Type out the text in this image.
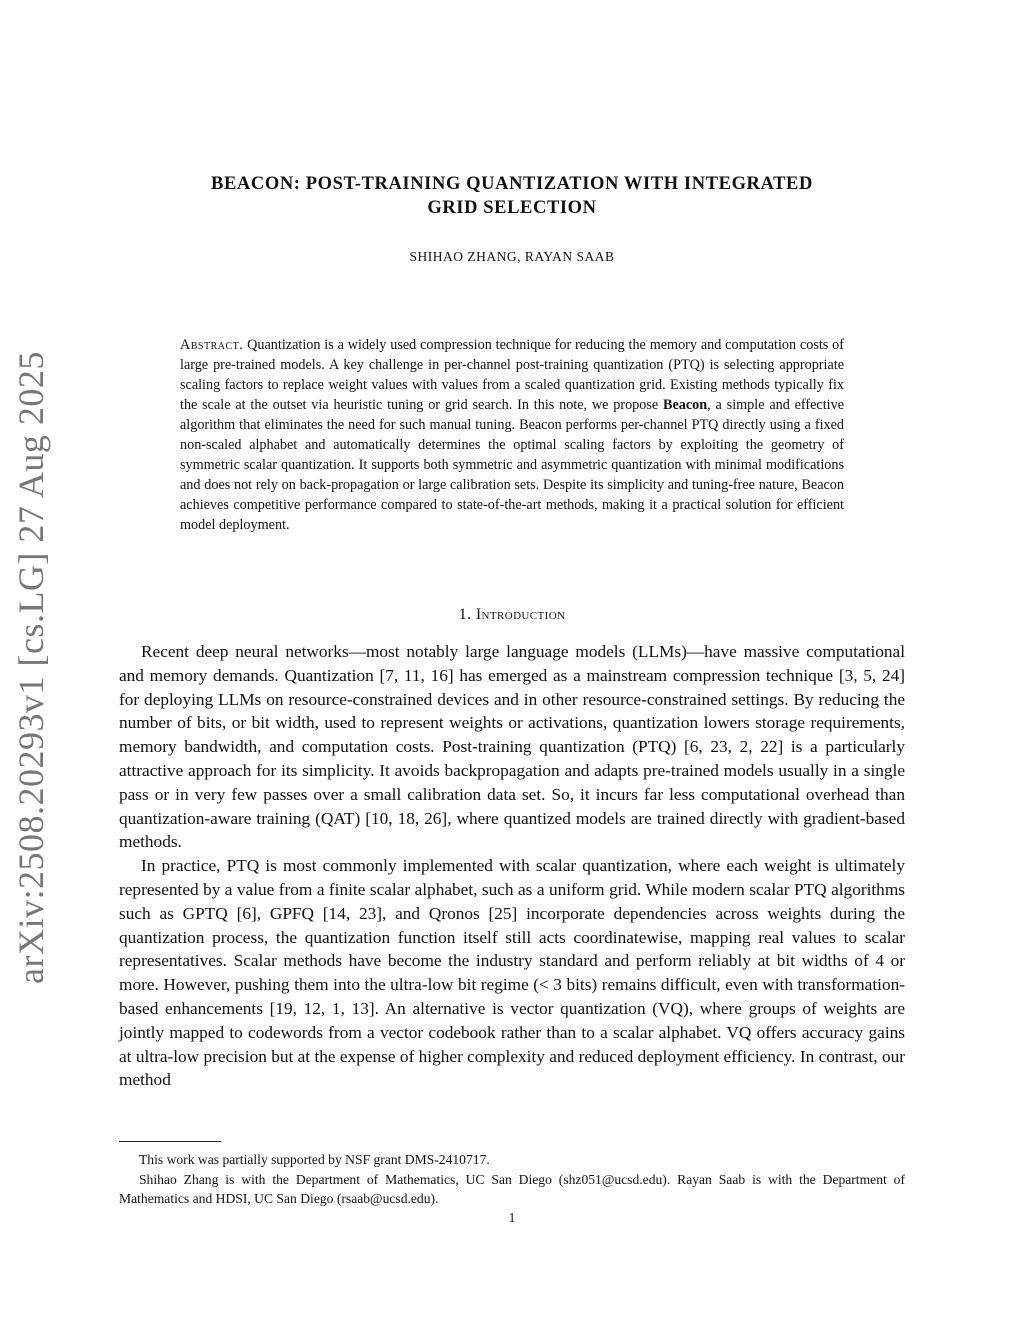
arXiv:2508.20293v1 [cs.LG] 27 Aug 2025
BEACON: POST-TRAINING QUANTIZATION WITH INTEGRATED
GRID SELECTION
SHIHAO ZHANG, RAYAN SAAB
Abstract. Quantization is a widely used compression technique for reducing the memory and computation costs of large pre-trained models. A key challenge in per-channel post-training quantization (PTQ) is selecting appropriate scaling factors to replace weight values with values from a scaled quantization grid. Existing methods typically fix the scale at the outset via heuristic tuning or grid search. In this note, we propose Beacon, a simple and effective algorithm that eliminates the need for such manual tuning. Beacon performs per-channel PTQ directly using a fixed non-scaled alphabet and automatically determines the optimal scaling factors by exploiting the geometry of symmetric scalar quantization. It supports both symmetric and asymmetric quantization with minimal modifications and does not rely on back-propagation or large calibration sets. Despite its simplicity and tuning-free nature, Beacon achieves competitive performance compared to state-of-the-art methods, making it a practical solution for efficient model deployment.
1. Introduction

Recent deep neural networks—most notably large language models (LLMs)—have massive computational and memory demands. Quantization [7, 11, 16] has emerged as a mainstream compression technique [3, 5, 24] for deploying LLMs on resource-constrained devices and in other resource-constrained settings. By reducing the number of bits, or bit width, used to represent weights or activations, quantization lowers storage requirements, memory bandwidth, and computation costs. Post-training quantization (PTQ) [6, 23, 2, 22] is a particularly attractive approach for its simplicity. It avoids backpropagation and adapts pre-trained models usually in a single pass or in very few passes over a small calibration data set. So, it incurs far less computational overhead than quantization-aware training (QAT) [10, 18, 26], where quantized models are trained directly with gradient-based methods.

In practice, PTQ is most commonly implemented with scalar quantization, where each weight is ultimately represented by a value from a finite scalar alphabet, such as a uniform grid. While modern scalar PTQ algorithms such as GPTQ [6], GPFQ [14, 23], and Qronos [25] incorporate dependencies across weights during the quantization process, the quantization function itself still acts coordinatewise, mapping real values to scalar representatives. Scalar methods have become the industry standard and perform reliably at bit widths of 4 or more. However, pushing them into the ultra-low bit regime (< 3 bits) remains difficult, even with transformation-based enhancements [19, 12, 1, 13]. An alternative is vector quantization (VQ), where groups of weights are jointly mapped to codewords from a vector codebook rather than to a scalar alphabet. VQ offers accuracy gains at ultra-low precision but at the expense of higher complexity and reduced deployment efficiency. In contrast, our method

This work was partially supported by NSF grant DMS-2410717.

Shihao Zhang is with the Department of Mathematics, UC San Diego (shz051@ucsd.edu). Rayan Saab is with the Department of Mathematics and HDSI, UC San Diego (rsaab@ucsd.edu).

1
